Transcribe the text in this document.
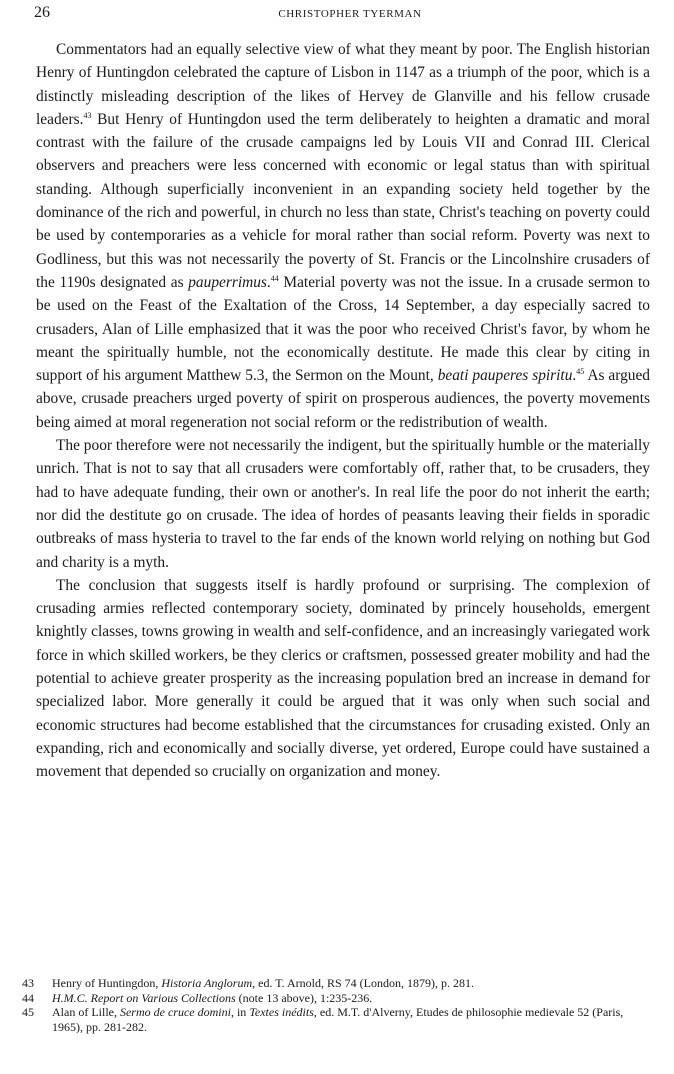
26	CHRISTOPHER TYERMAN

Commentators had an equally selective view of what they meant by poor. The English historian Henry of Huntingdon celebrated the capture of Lisbon in 1147 as a triumph of the poor, which is a distinctly misleading description of the likes of Hervey de Glanville and his fellow crusade leaders.$^{43}$ But Henry of Huntingdon used the term deliberately to heighten a dramatic and moral contrast with the failure of the crusade campaigns led by Louis VII and Conrad III. Clerical observers and preachers were less concerned with economic or legal status than with spiritual standing. Although superficially inconvenient in an expanding society held together by the dominance of the rich and powerful, in church no less than state, Christ's teaching on poverty could be used by contemporaries as a vehicle for moral rather than social reform. Poverty was next to Godliness, but this was not necessarily the poverty of St. Francis or the Lincolnshire crusaders of the 1190s designated as pauperrimus.$^{44}$ Material poverty was not the issue. In a crusade sermon to be used on the Feast of the Exaltation of the Cross, 14 September, a day especially sacred to crusaders, Alan of Lille emphasized that it was the poor who received Christ's favor, by whom he meant the spiritually humble, not the economically destitute. He made this clear by citing in support of his argument Matthew 5.3, the Sermon on the Mount, beati pauperes spiritu.$^{45}$ As argued above, crusade preachers urged poverty of spirit on prosperous audiences, the poverty movements being aimed at moral regeneration not social reform or the redistribution of wealth.

The poor therefore were not necessarily the indigent, but the spiritually humble or the materially unrich. That is not to say that all crusaders were comfortably off, rather that, to be crusaders, they had to have adequate funding, their own or another's. In real life the poor do not inherit the earth; nor did the destitute go on crusade. The idea of hordes of peasants leaving their fields in sporadic outbreaks of mass hysteria to travel to the far ends of the known world relying on nothing but God and charity is a myth.

The conclusion that suggests itself is hardly profound or surprising. The complexion of crusading armies reflected contemporary society, dominated by princely households, emergent knightly classes, towns growing in wealth and self-confidence, and an increasingly variegated work force in which skilled workers, be they clerics or craftsmen, possessed greater mobility and had the potential to achieve greater prosperity as the increasing population bred an increase in demand for specialized labor. More generally it could be argued that it was only when such social and economic structures had become established that the circumstances for crusading existed. Only an expanding, rich and economically and socially diverse, yet ordered, Europe could have sustained a movement that depended so crucially on organization and money.

43	Henry of Huntingdon, Historia Anglorum, ed. T. Arnold, RS 74 (London, 1879), p. 281.
44	H.M.C. Report on Various Collections (note 13 above), 1:235-236.
45	Alan of Lille, Sermo de cruce domini, in Textes inédits, ed. M.T. d'Alverny, Etudes de philosophie medievale 52 (Paris, 1965), pp. 281-282.
